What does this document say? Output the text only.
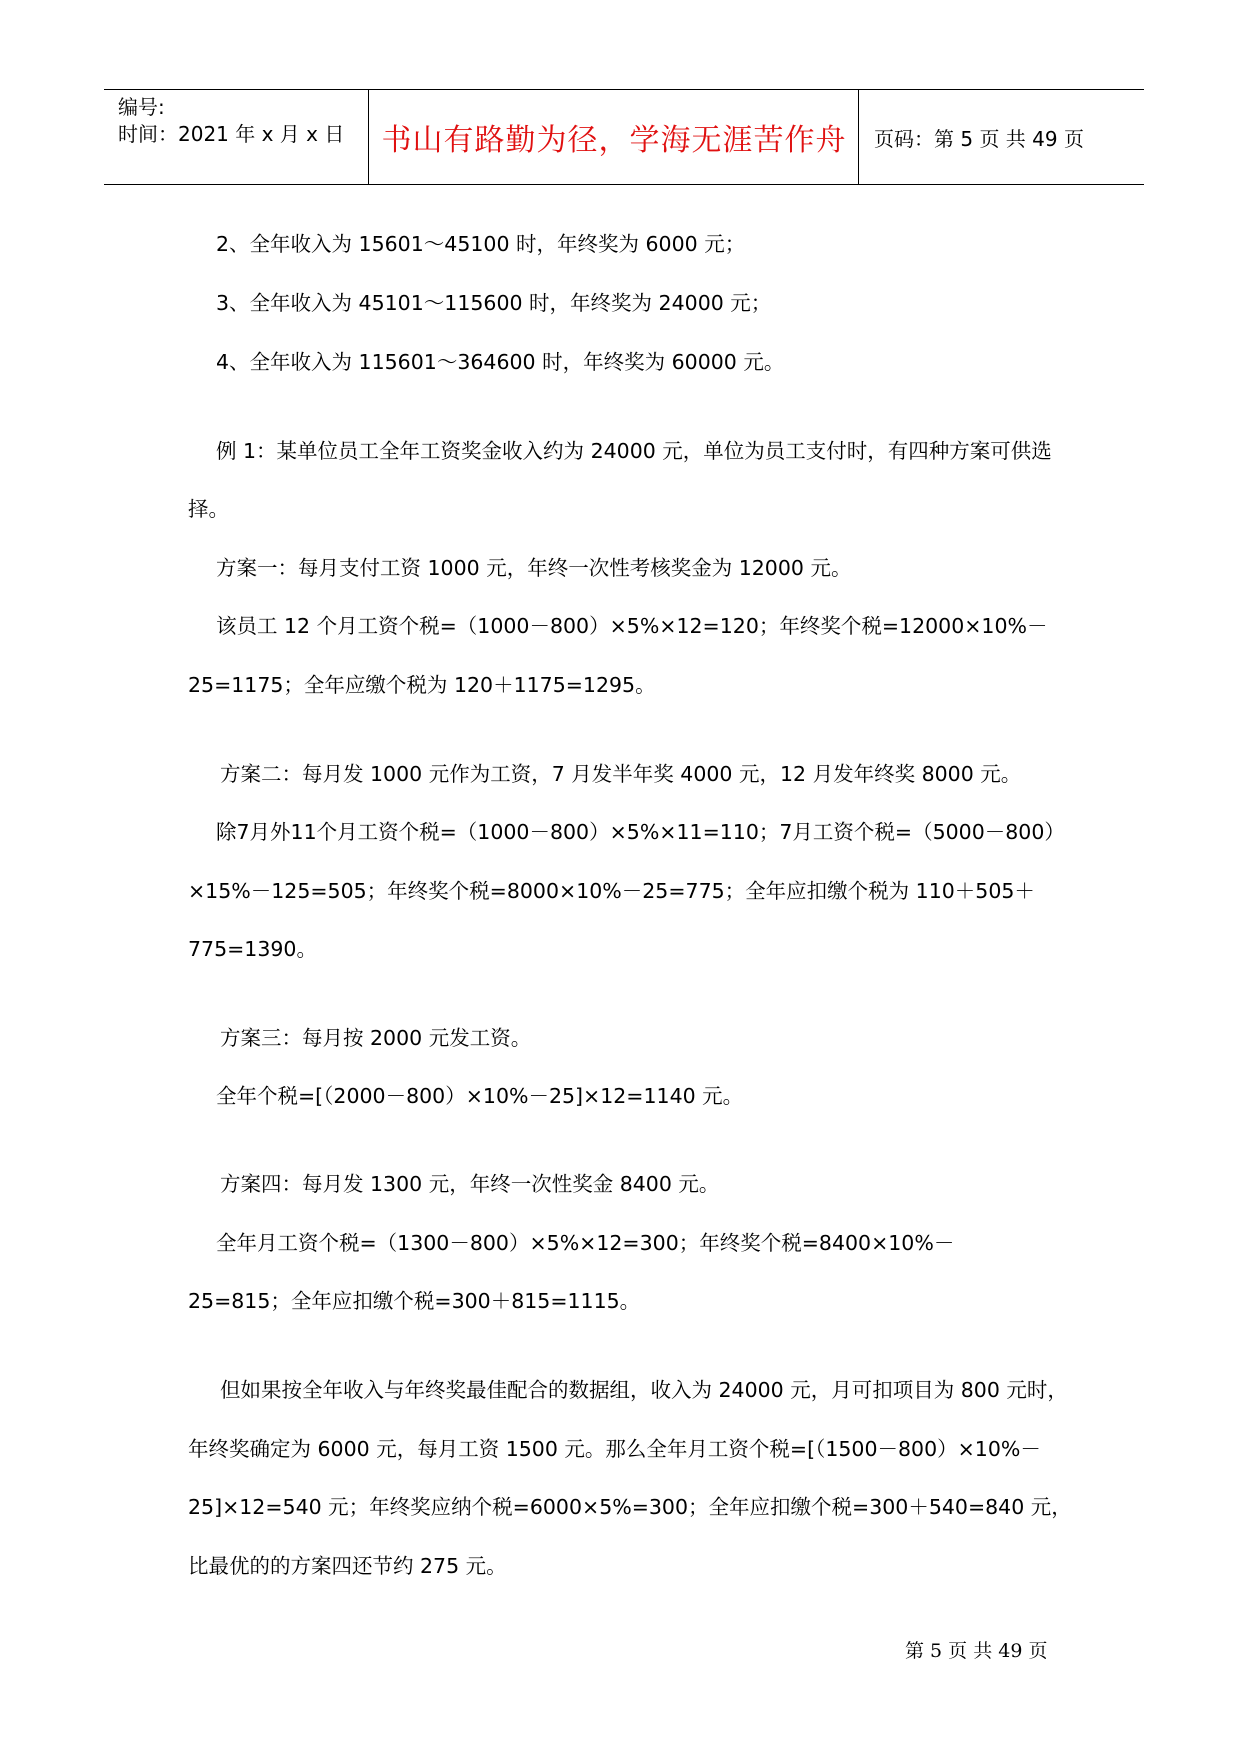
编号:
时间：2021 年 x 月 x 日	书山有路勤为径，学海无涯苦作舟	页码：第 5 页 共 49 页
2、全年收入为 15601～45100 时，年终奖为 6000 元；
3、全年收入为 45101～115600 时，年终奖为 24000 元；
4、全年收入为 115601～364600 时，年终奖为 60000 元。
例 1：某单位员工全年工资奖金收入约为 24000 元，单位为员工支付时，有四种方案可供选
择。
方案一：每月支付工资 1000 元，年终一次性考核奖金为 12000 元。
该员工 12 个月工资个税=（1000－800）×5%×12=120；年终奖个税=12000×10%－
25=1175；全年应缴个税为 120＋1175=1295。
方案二：每月发 1000 元作为工资，7 月发半年奖 4000 元，12 月发年终奖 8000 元。
除7月外11个月工资个税=（1000－800）×5%×11=110；7月工资个税=（5000－800）
×15%－125=505；年终奖个税=8000×10%－25=775；全年应扣缴个税为 110＋505＋
775=1390。
方案三：每月按 2000 元发工资。
全年个税=[（2000－800）×10%－25]×12=1140 元。
方案四：每月发 1300 元，年终一次性奖金 8400 元。
全年月工资个税=（1300－800）×5%×12=300；年终奖个税=8400×10%－
25=815；全年应扣缴个税=300＋815=1115。
但如果按全年收入与年终奖最佳配合的数据组，收入为 24000 元，月可扣项目为 800 元时，
年终奖确定为 6000 元，每月工资 1500 元。那么全年月工资个税=[（1500－800）×10%－
25]×12=540 元；年终奖应纳个税=6000×5%=300；全年应扣缴个税=300＋540=840 元，
比最优的的方案四还节约 275 元。
第 5 页 共 49 页
